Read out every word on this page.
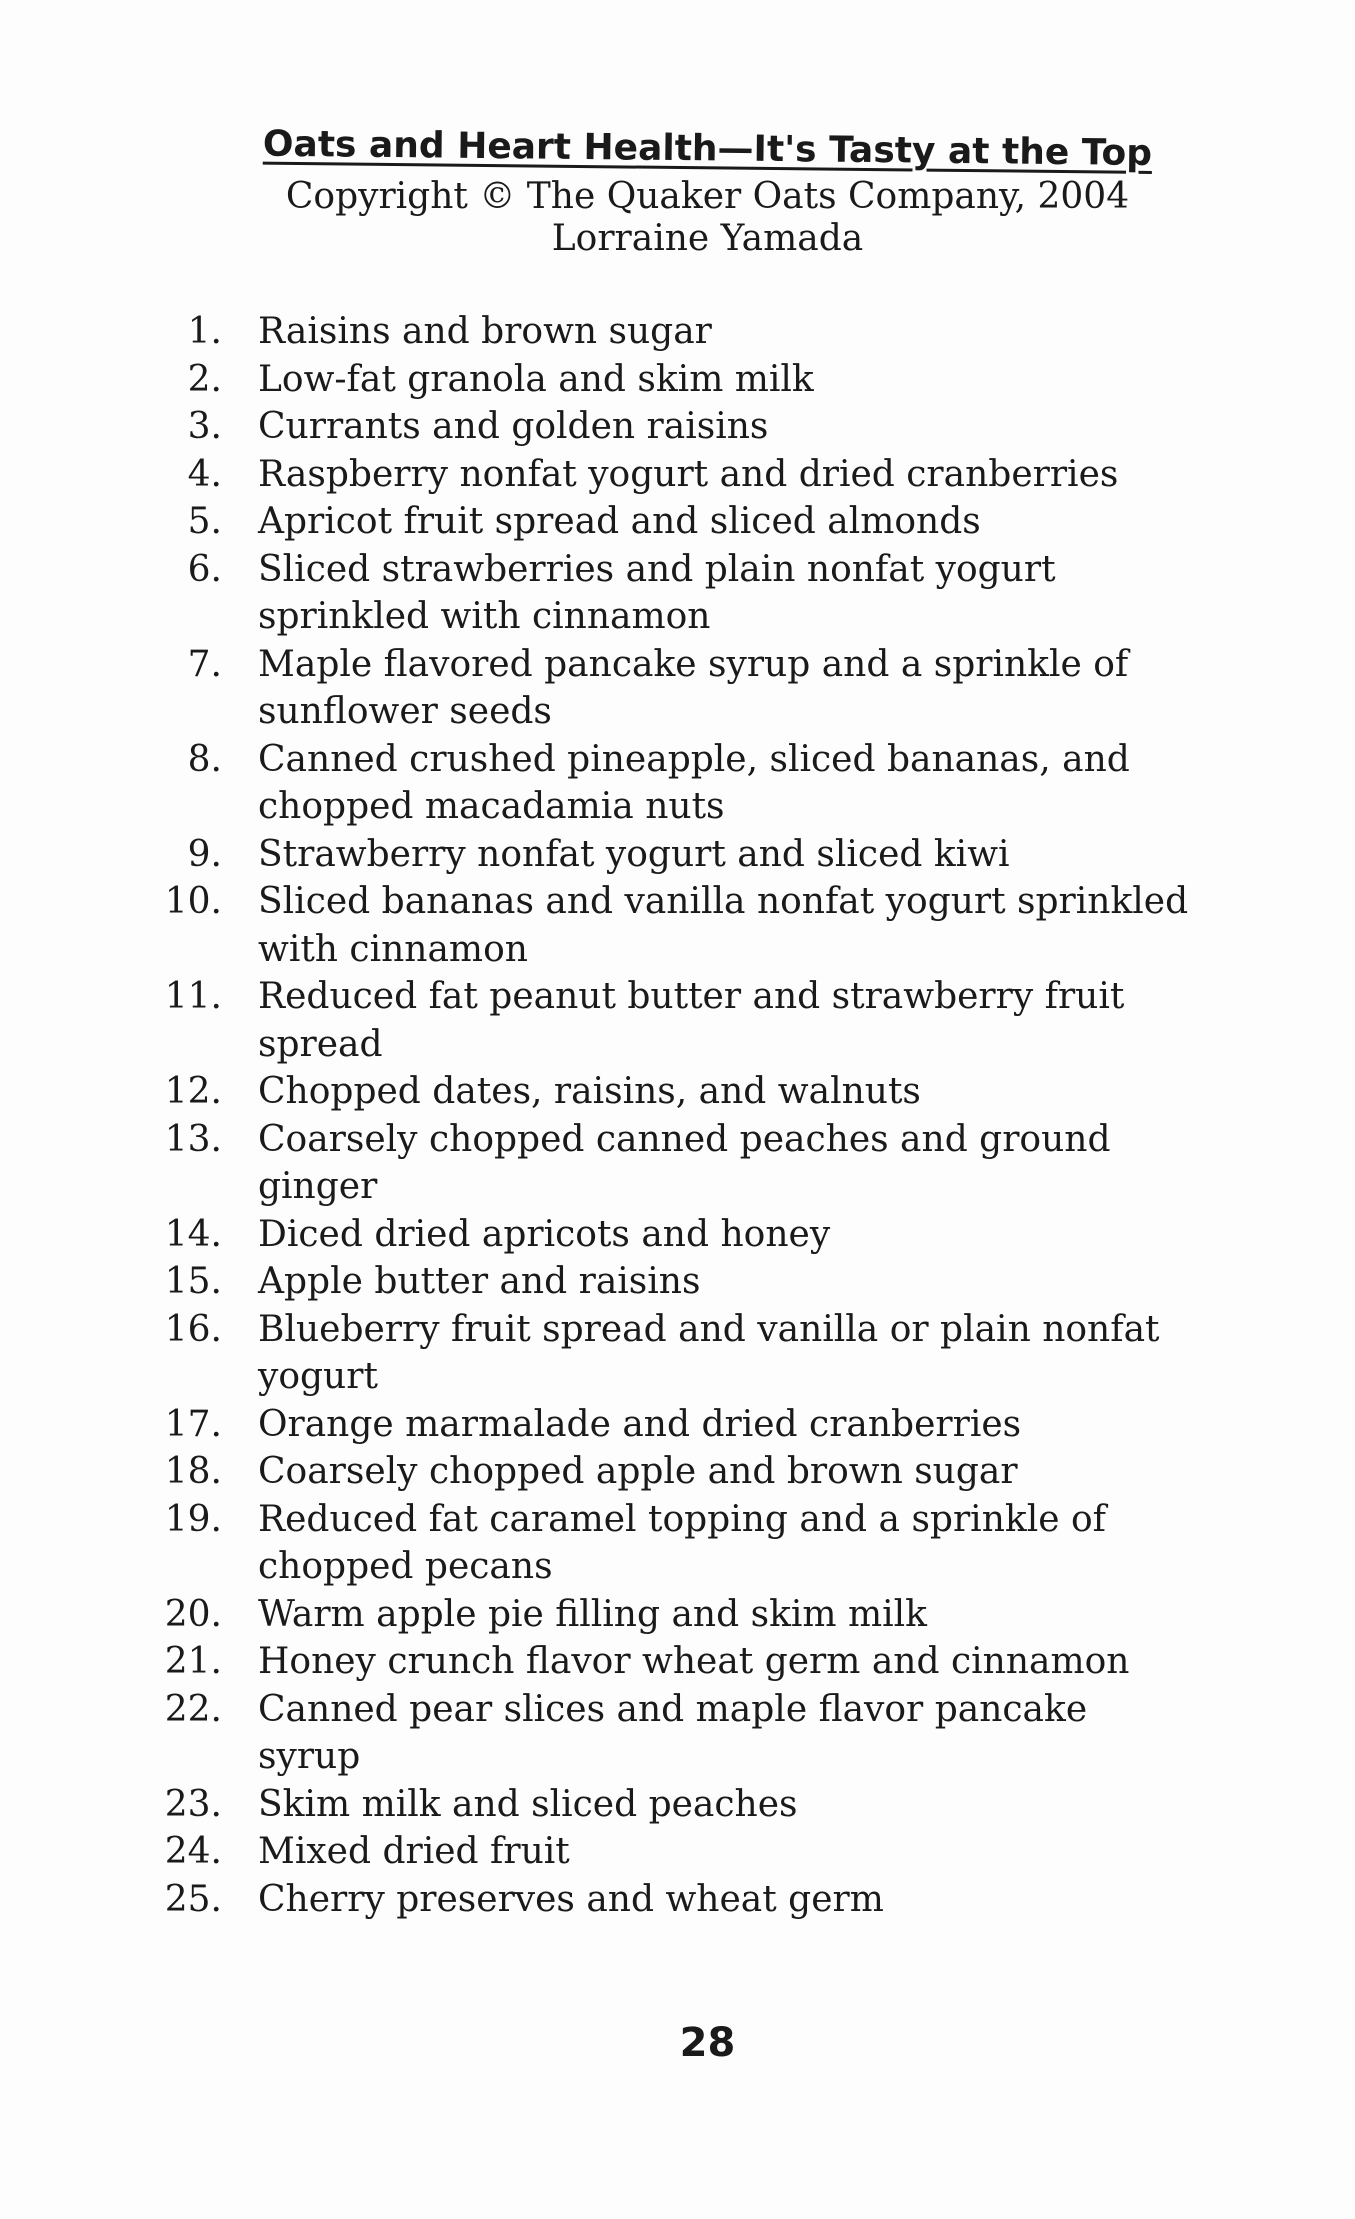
Oats and Heart Health—It's Tasty at the Top
Copyright © The Quaker Oats Company, 2004
Lorraine Yamada
1.	Raisins and brown sugar
2.	Low-fat granola and skim milk
3.	Currants and golden raisins
4.	Raspberry nonfat yogurt and dried cranberries
5.	Apricot fruit spread and sliced almonds
6.	Sliced strawberries and plain nonfat yogurt sprinkled with cinnamon
7.	Maple flavored pancake syrup and a sprinkle of sunflower seeds
8.	Canned crushed pineapple, sliced bananas, and chopped macadamia nuts
9.	Strawberry nonfat yogurt and sliced kiwi
10.	Sliced bananas and vanilla nonfat yogurt sprinkled with cinnamon
11.	Reduced fat peanut butter and strawberry fruit spread
12.	Chopped dates, raisins, and walnuts
13.	Coarsely chopped canned peaches and ground ginger
14.	Diced dried apricots and honey
15.	Apple butter and raisins
16.	Blueberry fruit spread and vanilla or plain nonfat yogurt
17.	Orange marmalade and dried cranberries
18.	Coarsely chopped apple and brown sugar
19.	Reduced fat caramel topping and a sprinkle of chopped pecans
20.	Warm apple pie filling and skim milk
21.	Honey crunch flavor wheat germ and cinnamon
22.	Canned pear slices and maple flavor pancake syrup
23.	Skim milk and sliced peaches
24.	Mixed dried fruit
25.	Cherry preserves and wheat germ
28
